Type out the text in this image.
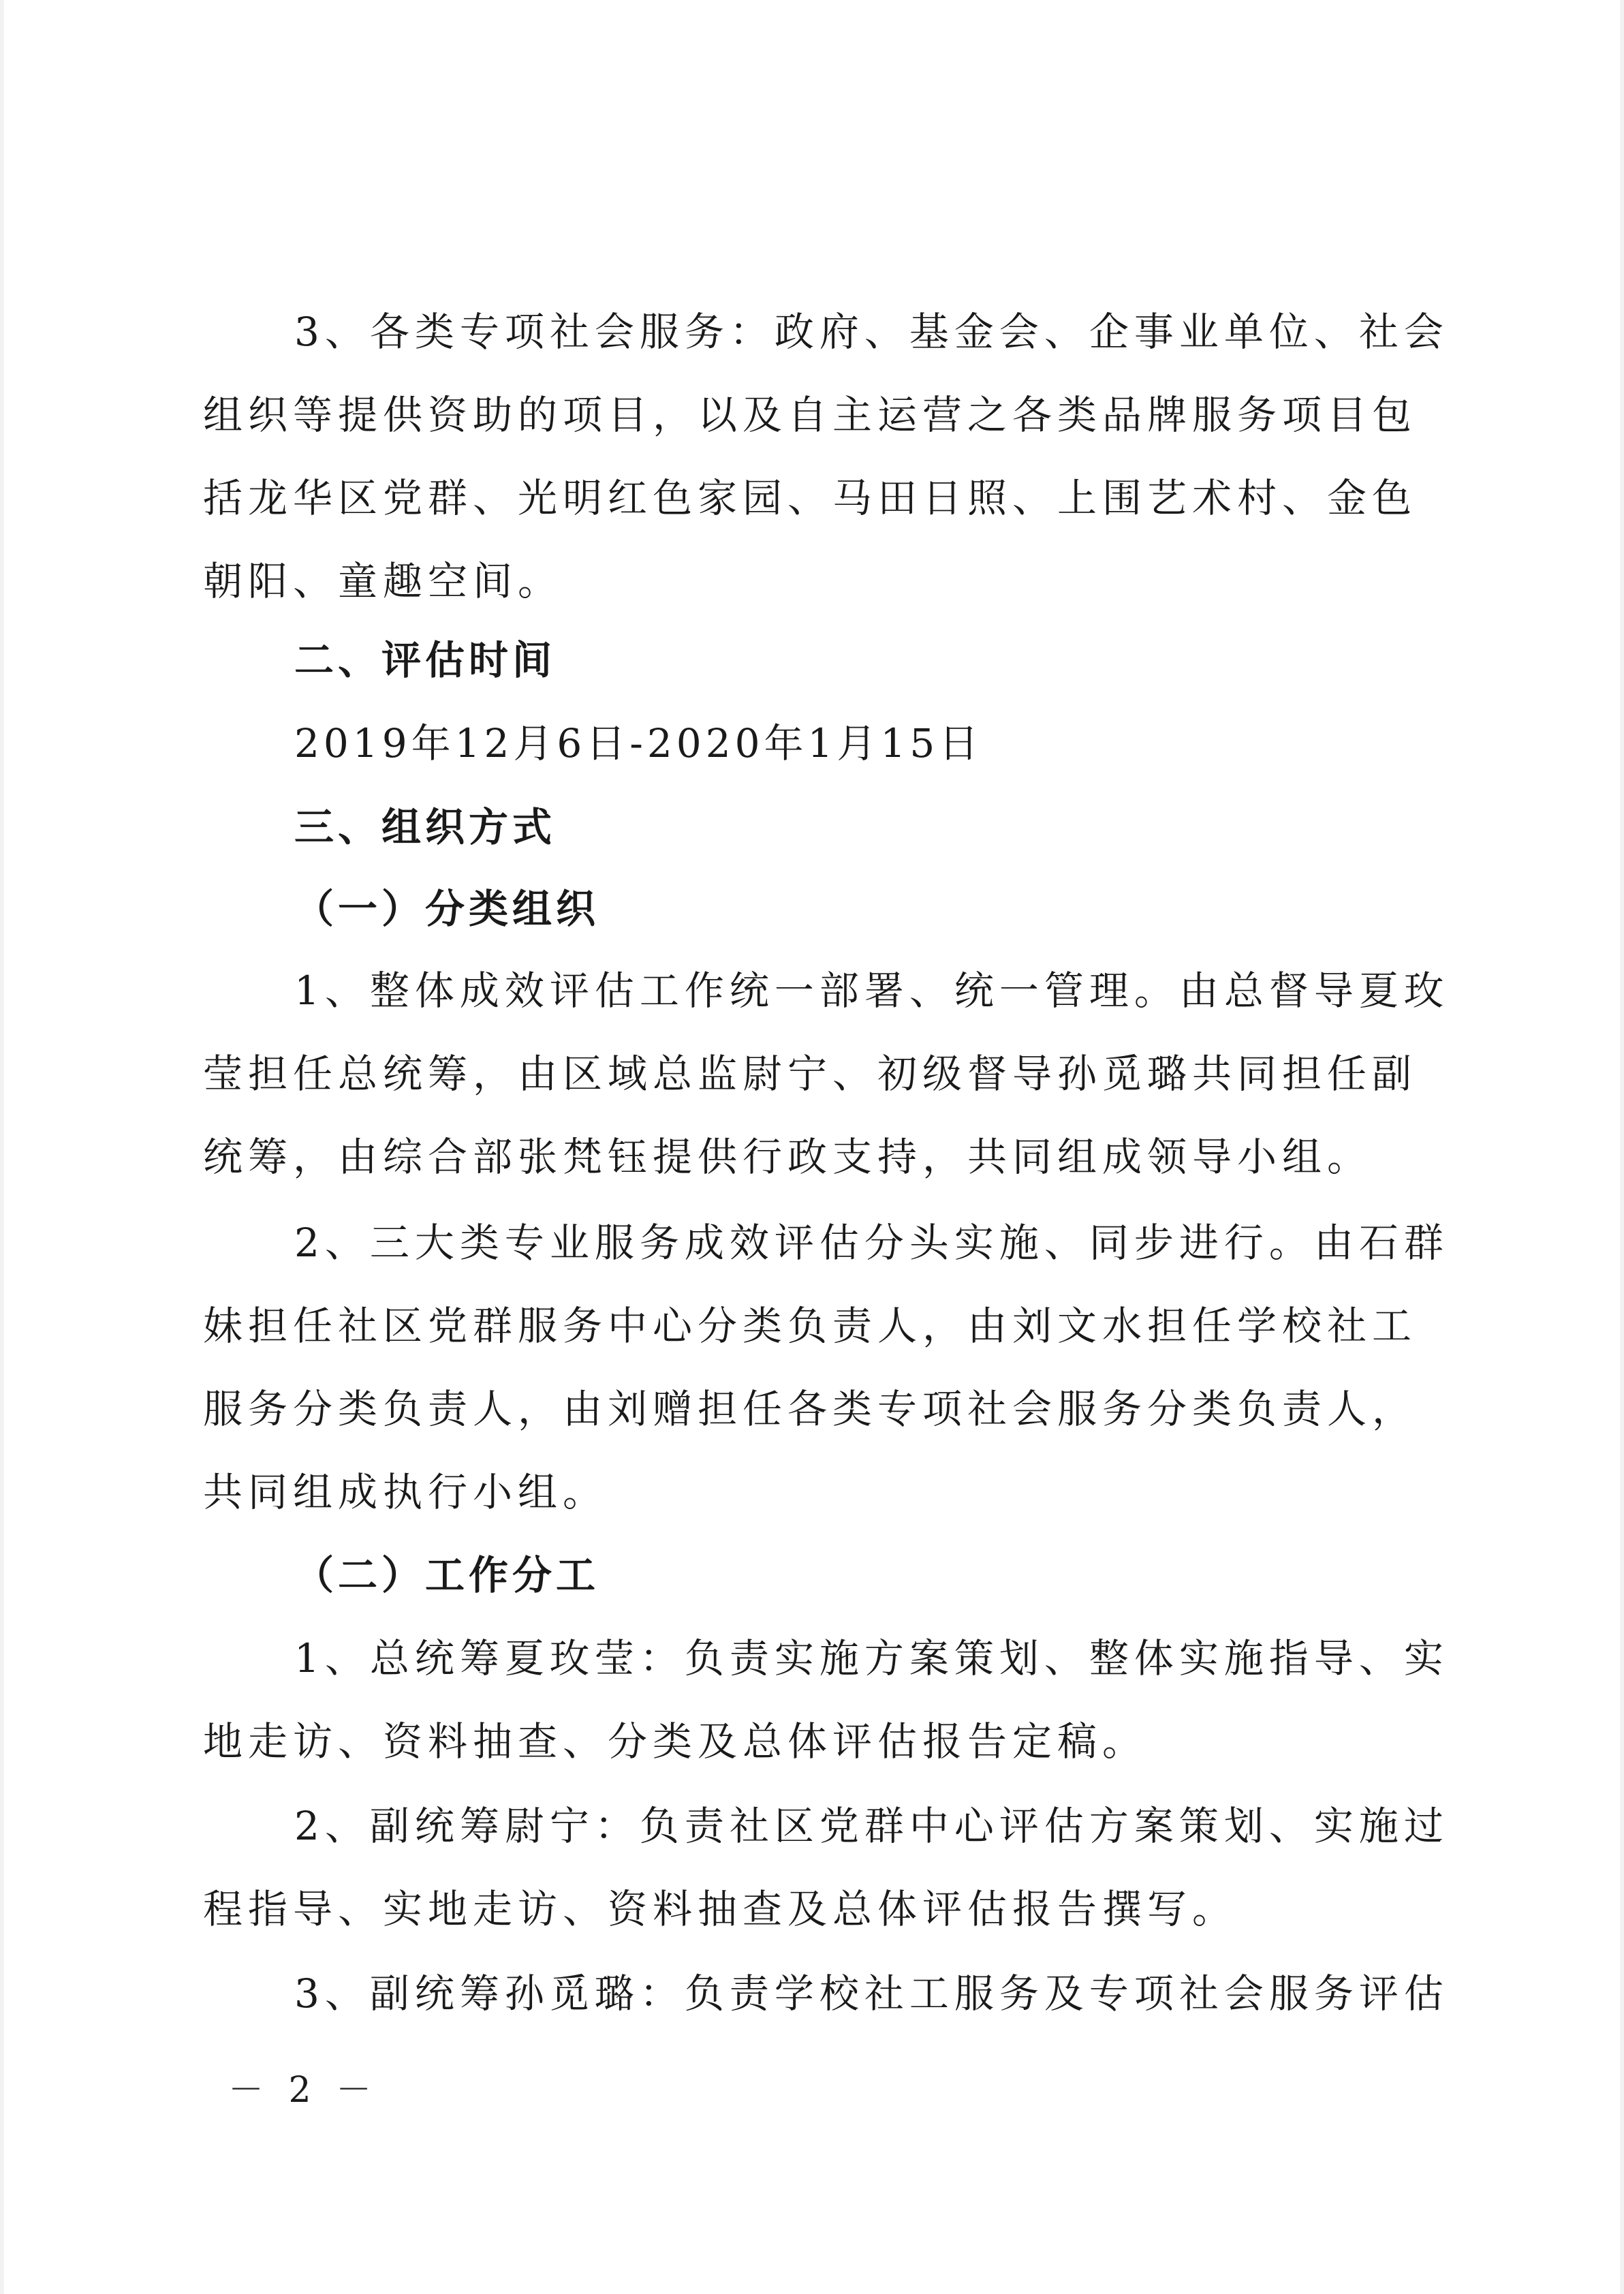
3、各类专项社会服务：政府、基金会、企事业单位、社会
组织等提供资助的项目，以及自主运营之各类品牌服务项目包
括龙华区党群、光明红色家园、马田日照、上围艺术村、金色
朝阳、童趣空间。
二、评估时间
2019年12月6日-2020年1月15日
三、组织方式
（一）分类组织
1、整体成效评估工作统一部署、统一管理。由总督导夏玫
莹担任总统筹，由区域总监尉宁、初级督导孙觅璐共同担任副
统筹，由综合部张梵钰提供行政支持，共同组成领导小组。
2、三大类专业服务成效评估分头实施、同步进行。由石群
妹担任社区党群服务中心分类负责人，由刘文水担任学校社工
服务分类负责人，由刘赠担任各类专项社会服务分类负责人，
共同组成执行小组。
（二）工作分工
1、总统筹夏玫莹：负责实施方案策划、整体实施指导、实
地走访、资料抽查、分类及总体评估报告定稿。
2、副统筹尉宁：负责社区党群中心评估方案策划、实施过
程指导、实地走访、资料抽查及总体评估报告撰写。
3、副统筹孙觅璐：负责学校社工服务及专项社会服务评估
－ 2 －
